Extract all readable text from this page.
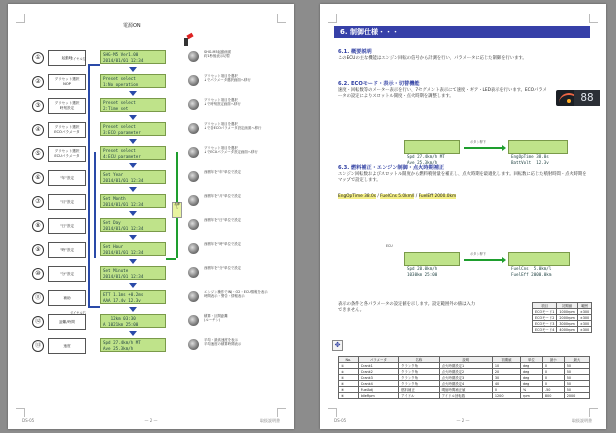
電源ON
①	起動時
SHG-M5 Ver1.00
2014/01/01 12:34
SHG-M5起動画面
約1秒後表示切替
②	プリセット選択
NOP
Preset select
1:No operation
プリセット項目を選択
↓でパラメータ選択画面へ移行
③	プリセット選択
時刻設定
Preset select
2:Time set
プリセット項目を選択
↓で時刻設定画面へ移行
④	プリセット選択
ECOパラメータ
Preset select
3:ECO parameter
プリセット項目を選択
↓で各ECOパラメータ設定画面へ移行
⑤	プリセット選択
ECUパラメータ
Preset select
4:ECU parameter
プリセット項目を選択
↓でECUパラメータ設定画面へ移行
⑥	"年"設定
Set Year
2014/01/01 12:34
西暦年を"年"単位で設定
⑦	"月"設定
Set Month
2014/01/01 12:34
西暦年を"月"単位で設定
⑧	"日"設定
Set Day
2014/01/01 12:34
西暦年を"日"単位で設定
⑨	"時"設定
Set Hour
2014/01/01 12:34
西暦年を"時"単位で設定
⑩	"分"設定
Set Minute
2014/01/01 12:34
西暦年を"分"単位で設定
⑪	補助
ETT 1.1ms +0.2ms
AAA 17.4v 12.3v
エンジン操作でINJ・O2・ECU情報を表示
時間表示・警告・情報表示
⑫	距離/時間
12km 03:30
A 1021km 25:00
積算・区間距離
(ルーチン)
⑬	速度
Spd 27.4km/h MT
Ave 25.3km/h
平均・最高速度を表示
平均速度の積算時間表示
長押し
ダイヤル左
ダイヤル右
DS-05	— 2 —	取扱説明書
6. 制御仕様・・・
6.1. 概要説明
このECUの主な機能はエンジン回転の信号から計測を行い、パラメータに応じた制御を行います。
6.2. ECOモード・表示・切替機能
速度・回転数等のメーター表示を行い、7セグメント表示にて速度・ギア・LED表示を行います。ECOパラメータの設定によりスロットル開度・点火時期を調整します。

Spd 27.4km/h MT
Ave 25.3km/h

ボタン押下

EngOpTime 38.0s
BattVolt  12.3v

6.3. 燃料補正・エンジン制御・点火時期補正
エンジン回転数およびスロットル開度から燃料噴射量を補正し、点火時期を最適化します。回転数に応じた噴射時間・点火時期をマップで設定します。
EngOpTime 38.0s / FuelCns 5.0km/l / FuelEff 2000.0km
ECU

Spd 20.0km/h
1030km 25:00

ボタン押下

FuelCns  5.0km/l
FuelEff 2000.0km

表示の条件と各パラメータの設定値を示します。設定範囲外の値は入力できません。
88
項目	初期値	範囲
ECOモード1	1000rpm	±300
ECOモード2	2000rpm	±300
ECOモード3	3000rpm	±300
ECOモード4	4000rpm	±300
No.	パラメータ	名称	説明	初期値	単位	最小	最大
①	Crank1	クランク角	点火時期設定1	10	deg	0	50
②	Crank2	クランク角	点火時期設定2	20	deg	0	50
③	Crank3	クランク角	点火時期設定3	30	deg	0	50
④	Crank4	クランク角	点火時期設定4	40	deg	0	50
⑤	FuelAdj	燃料補正	噴射時間補正値	0	%	-50	50
⑥	IdleRpm	アイドル	アイドル回転数	1200	rpm	800	2000
DS-05	— 2 —	取扱説明書
✥
